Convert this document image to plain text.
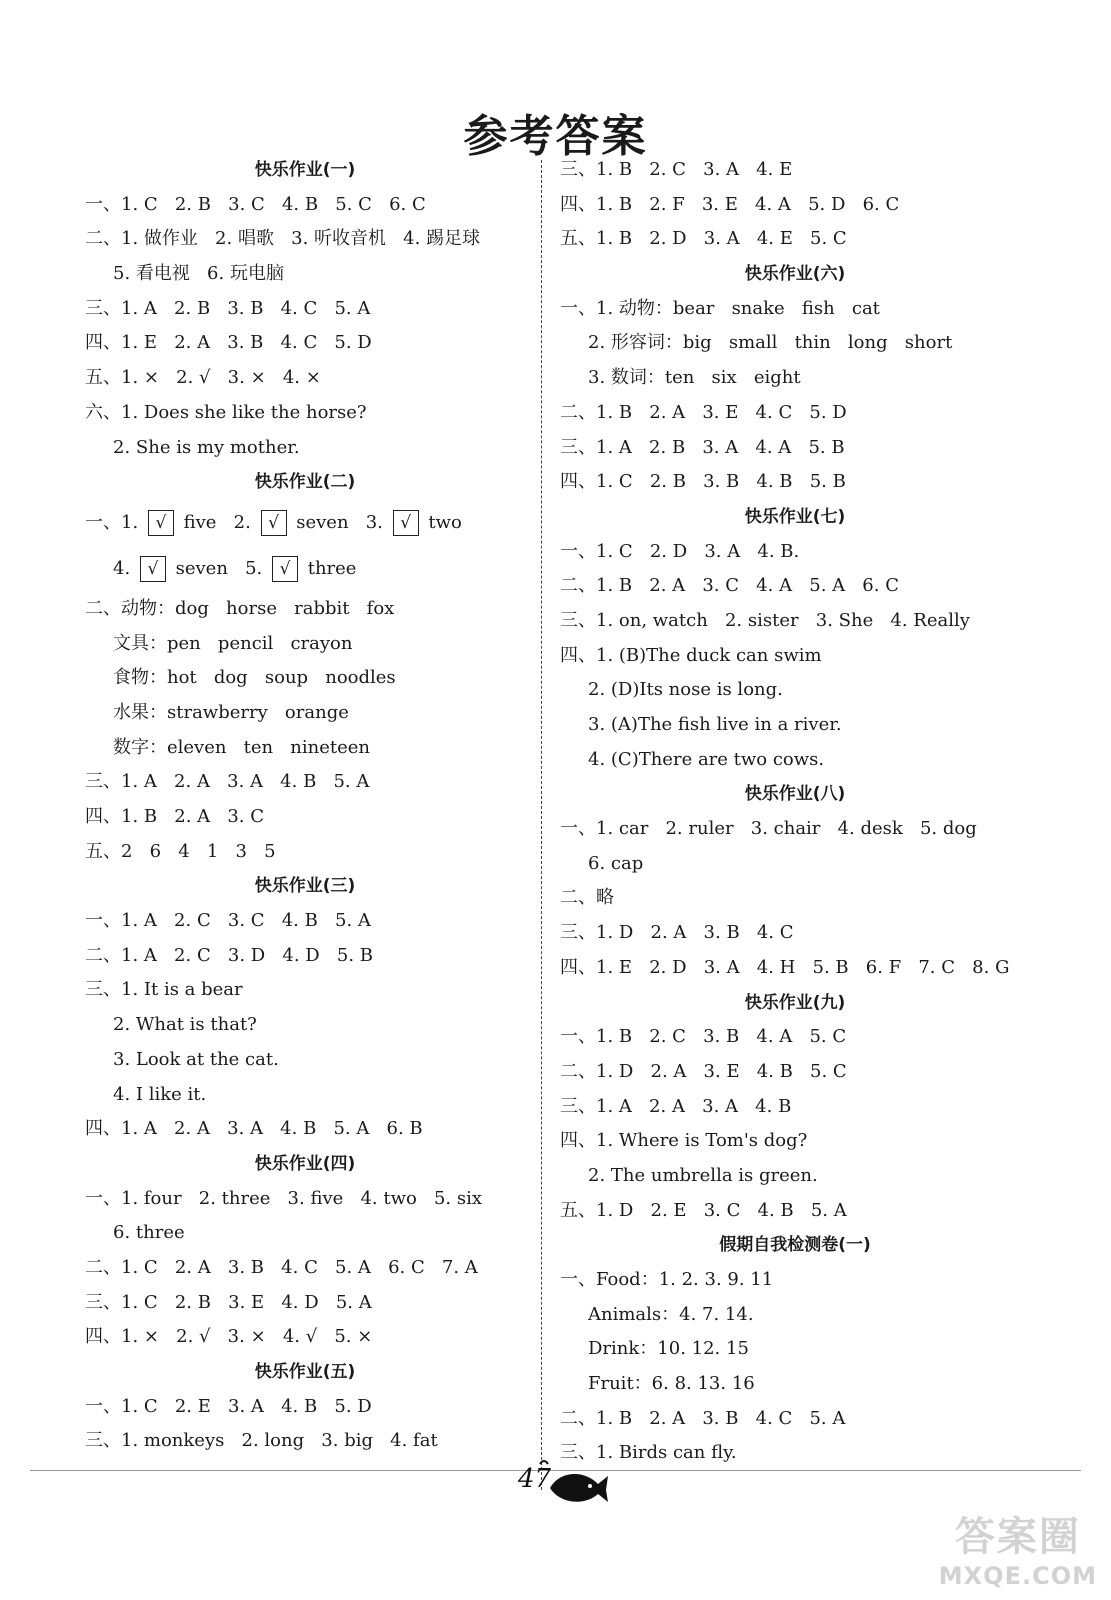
参考答案
快乐作业(一)
一、1. C   2. B   3. C   4. B   5. C   6. C
二、1. 做作业   2. 唱歌   3. 听收音机   4. 踢足球
5. 看电视   6. 玩电脑
三、1. A   2. B   3. B   4. C   5. A
四、1. E   2. A   3. B   4. C   5. D
五、1. ×   2. √   3. ×   4. ×
六、1. Does she like the horse?
2. She is my mother.
快乐作业(二)
一、1. √ five   2. √ seven   3. √ two
4. √ seven   5. √ three
二、动物：dog   horse   rabbit   fox
文具：pen   pencil   crayon
食物：hot   dog   soup   noodles
水果：strawberry   orange
数字：eleven   ten   nineteen
三、1. A   2. A   3. A   4. B   5. A
四、1. B   2. A   3. C
五、2   6   4   1   3   5
快乐作业(三)
一、1. A   2. C   3. C   4. B   5. A
二、1. A   2. C   3. D   4. D   5. B
三、1. It is a bear
2. What is that?
3. Look at the cat.
4. I like it.
四、1. A   2. A   3. A   4. B   5. A   6. B
快乐作业(四)
一、1. four   2. three   3. five   4. two   5. six
6. three
二、1. C   2. A   3. B   4. C   5. A   6. C   7. A
三、1. C   2. B   3. E   4. D   5. A
四、1. ×   2. √   3. ×   4. √   5. ×
快乐作业(五)
一、1. C   2. E   3. A   4. B   5. D
三、1. monkeys   2. long   3. big   4. fat
三、1. B   2. C   3. A   4. E
四、1. B   2. F   3. E   4. A   5. D   6. C
五、1. B   2. D   3. A   4. E   5. C
快乐作业(六)
一、1. 动物：bear   snake   fish   cat
2. 形容词：big   small   thin   long   short
3. 数词：ten   six   eight
二、1. B   2. A   3. E   4. C   5. D
三、1. A   2. B   3. A   4. A   5. B
四、1. C   2. B   3. B   4. B   5. B
快乐作业(七)
一、1. C   2. D   3. A   4. B.
二、1. B   2. A   3. C   4. A   5. A   6. C
三、1. on, watch   2. sister   3. She   4. Really
四、1. (B)The duck can swim
2. (D)Its nose is long.
3. (A)The fish live in a river.
4. (C)There are two cows.
快乐作业(八)
一、1. car   2. ruler   3. chair   4. desk   5. dog
6. cap
二、略
三、1. D   2. A   3. B   4. C
四、1. E   2. D   3. A   4. H   5. B   6. F   7. C   8. G
快乐作业(九)
一、1. B   2. C   3. B   4. A   5. C
二、1. D   2. A   3. E   4. B   5. C
三、1. A   2. A   3. A   4. B
四、1. Where is Tom's dog?
2. The umbrella is green.
五、1. D   2. E   3. C   4. B   5. A
假期自我检测卷(一)
一、Food：1. 2. 3. 9. 11
Animals：4. 7. 14.
Drink：10. 12. 15
Fruit：6. 8. 13. 16
二、1. B   2. A   3. B   4. C   5. A
三、1. Birds can fly.
47
答案圈
MXQE.COM
